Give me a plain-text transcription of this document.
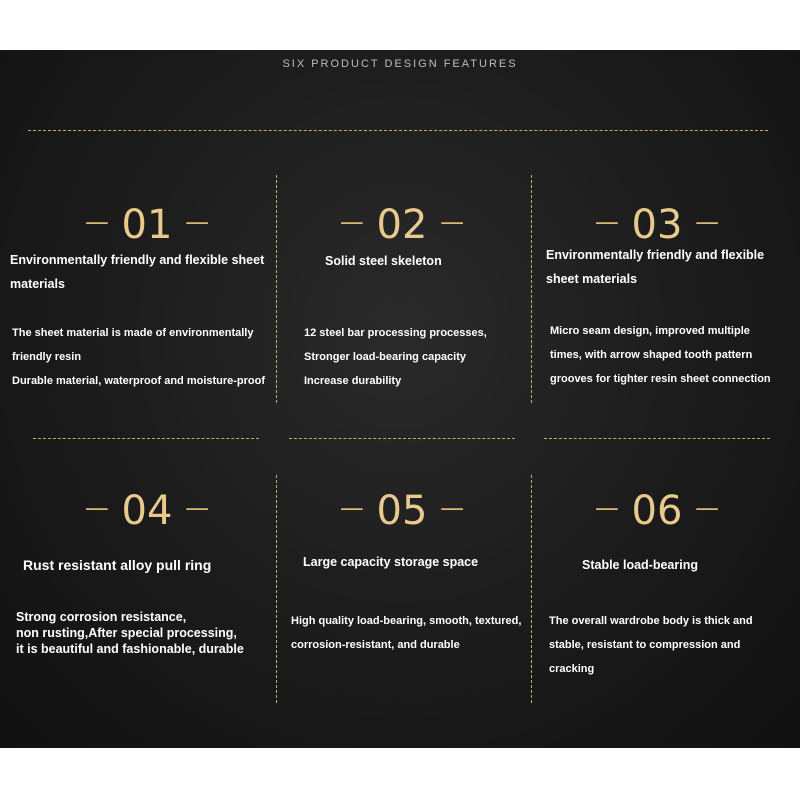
SIX PRODUCT DESIGN FEATURES
— 01 —
Environmentally friendly and flexible sheet materials
The sheet material is made of environmentally friendly resin
Durable material, waterproof and moisture-proof
— 02 —
Solid steel skeleton
12 steel bar processing processes,
Stronger load-bearing capacity
Increase durability
— 03 —
Environmentally friendly and flexible sheet materials
Micro seam design, improved multiple times, with arrow shaped tooth pattern grooves for tighter resin sheet connection
— 04 —
Rust resistant alloy pull ring
Strong corrosion resistance,
non rusting,After special processing,
it is beautiful and fashionable, durable
— 05 —
Large capacity storage space
High quality load-bearing, smooth, textured, corrosion-resistant, and durable
— 06 —
Stable load-bearing
The overall wardrobe body is thick and stable, resistant to compression and cracking
